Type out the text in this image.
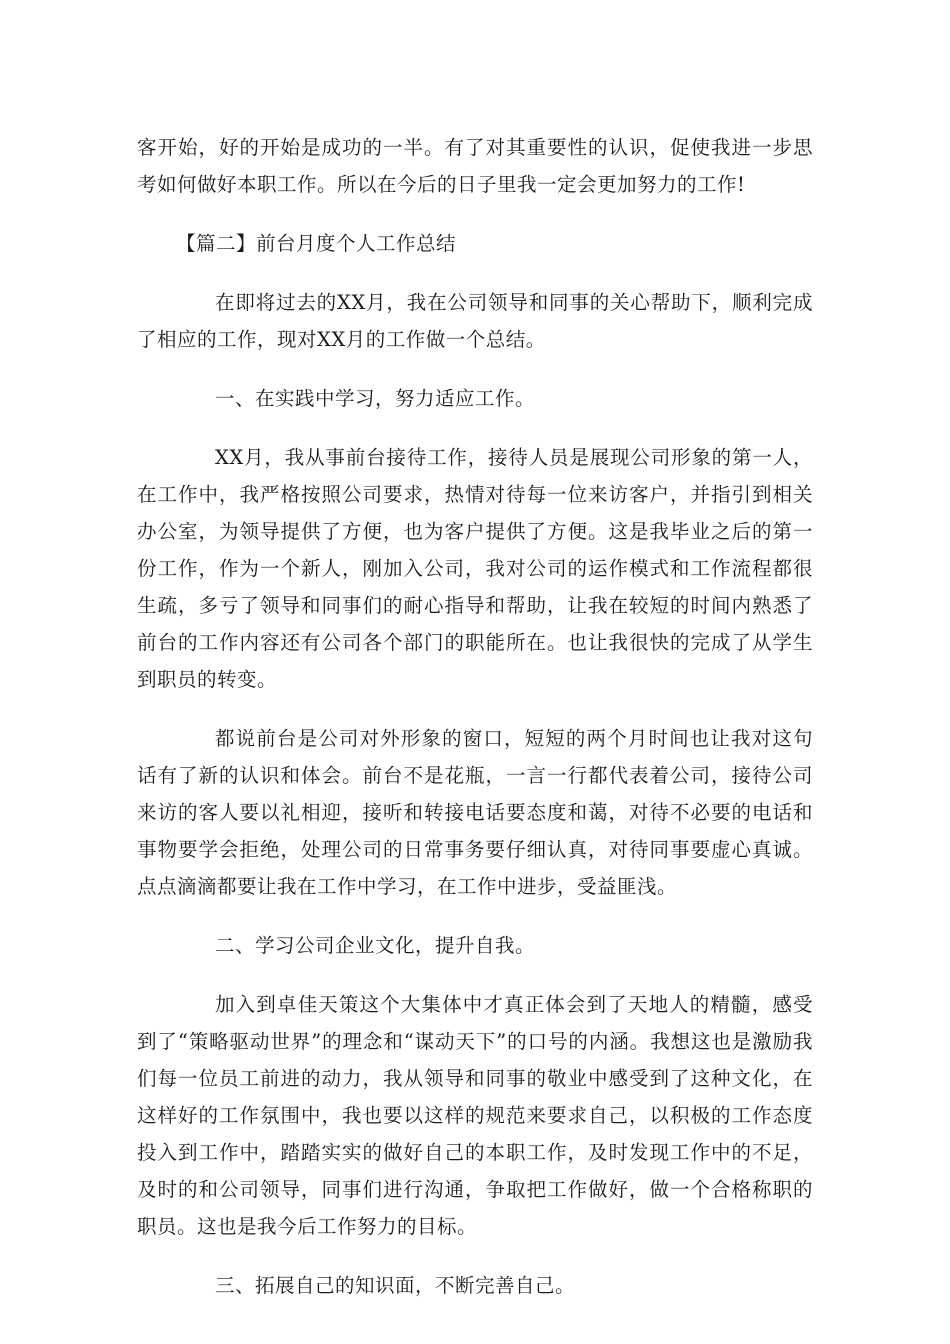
客开始，好的开始是成功的一半。有了对其重要性的认识，促使我进一步思考如何做好本职工作。所以在今后的日子里我一定会更加努力的工作!

【篇二】前台月度个人工作总结

在即将过去的XX月，我在公司领导和同事的关心帮助下，顺利完成了相应的工作，现对XX月的工作做一个总结。

一、在实践中学习，努力适应工作。

XX月，我从事前台接待工作，接待人员是展现公司形象的第一人，在工作中，我严格按照公司要求，热情对待每一位来访客户，并指引到相关办公室，为领导提供了方便，也为客户提供了方便。这是我毕业之后的第一份工作，作为一个新人，刚加入公司，我对公司的运作模式和工作流程都很生疏，多亏了领导和同事们的耐心指导和帮助，让我在较短的时间内熟悉了前台的工作内容还有公司各个部门的职能所在。也让我很快的完成了从学生到职员的转变。

都说前台是公司对外形象的窗口，短短的两个月时间也让我对这句话有了新的认识和体会。前台不是花瓶，一言一行都代表着公司，接待公司来访的客人要以礼相迎，接听和转接电话要态度和蔼，对待不必要的电话和事物要学会拒绝，处理公司的日常事务要仔细认真，对待同事要虚心真诚。点点滴滴都要让我在工作中学习，在工作中进步，受益匪浅。

二、学习公司企业文化，提升自我。

加入到卓佳天策这个大集体中才真正体会到了天地人的精髓，感受到了“策略驱动世界”的理念和“谋动天下”的口号的内涵。我想这也是激励我们每一位员工前进的动力，我从领导和同事的敬业中感受到了这种文化，在这样好的工作氛围中，我也要以这样的规范来要求自己，以积极的工作态度投入到工作中，踏踏实实的做好自己的本职工作，及时发现工作中的不足，及时的和公司领导，同事们进行沟通，争取把工作做好，做一个合格称职的职员。这也是我今后工作努力的目标。

三、拓展自己的知识面，不断完善自己。
